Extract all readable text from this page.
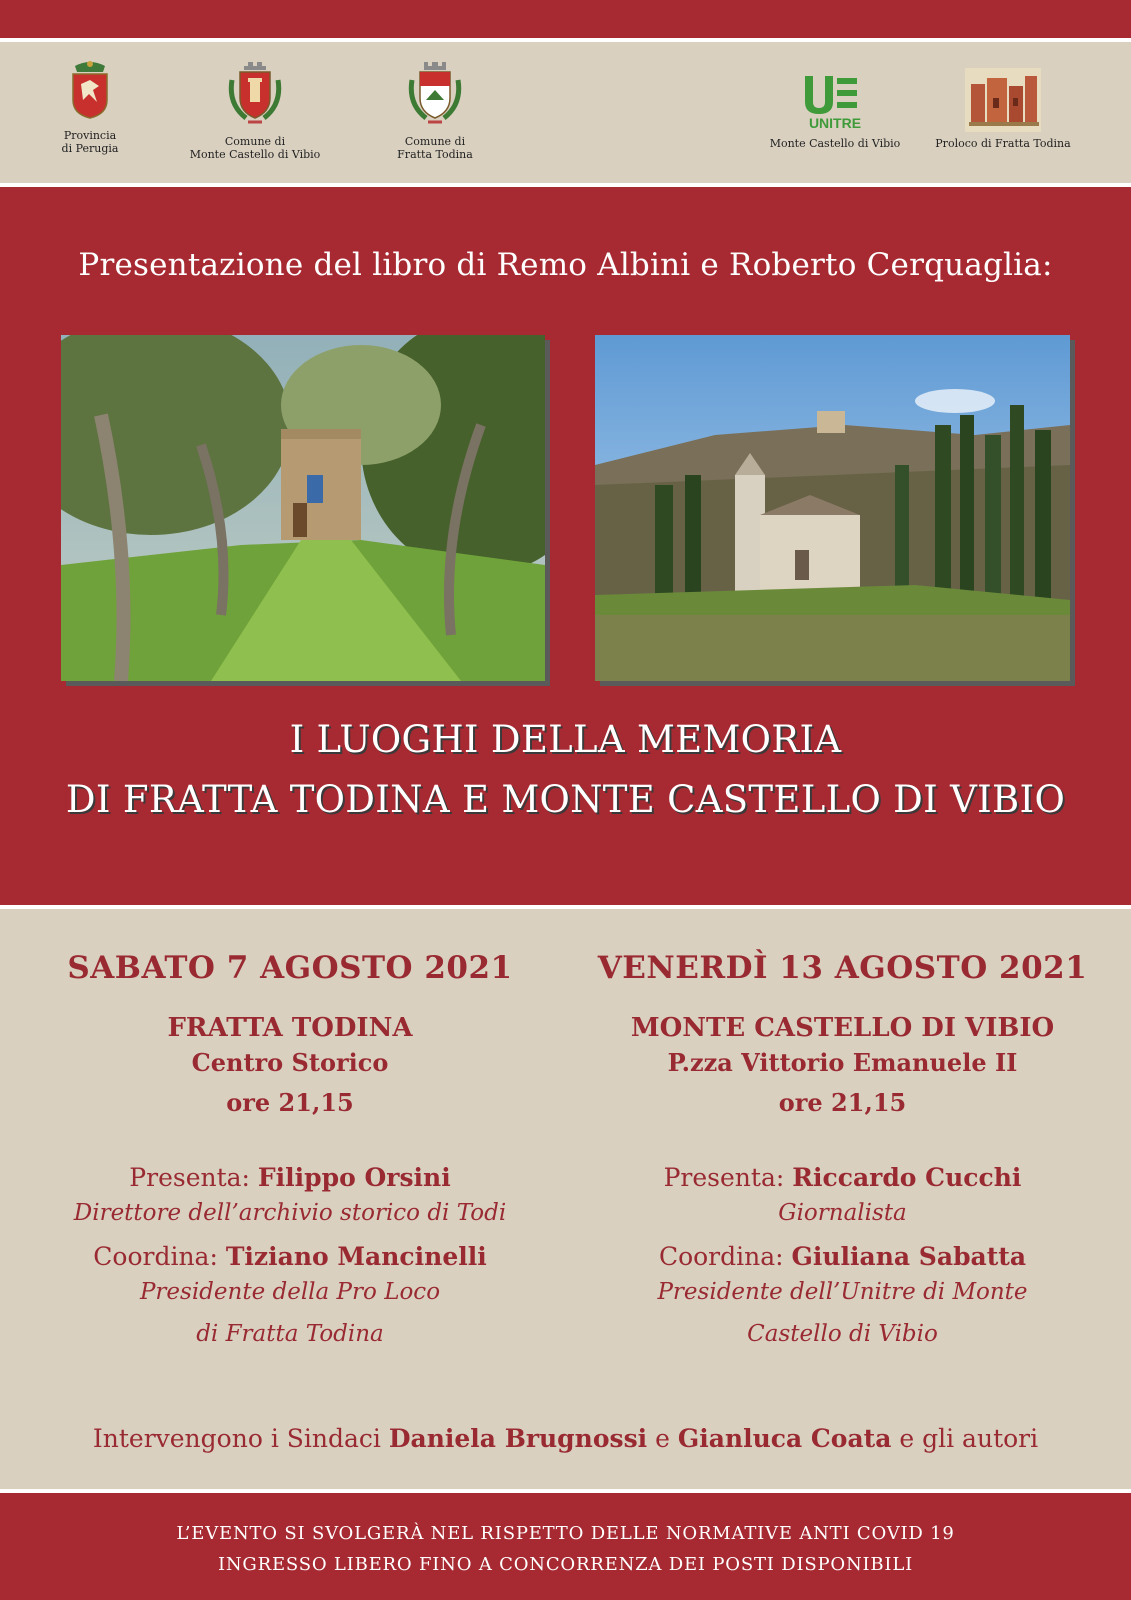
Provincia
di Perugia
Comune di
Monte Castello di Vibio
Comune di
Fratta Todina
UNITRE
Monte Castello di Vibio	Proloco di Fratta Todina
Presentazione del libro di Remo Albini e Roberto Cerquaglia:
I LUOGHI DELLA MEMORIA
DI FRATTA TODINA E MONTE CASTELLO DI VIBIO
SABATO 7 AGOSTO 2021
FRATTA TODINA
Centro Storico
ore 21,15
Presenta: Filippo Orsini
Direttore dell’archivio storico di Todi
Coordina: Tiziano Mancinelli
Presidente della Pro Loco
di Fratta Todina
VENERDÌ 13 AGOSTO 2021
MONTE CASTELLO DI VIBIO
P.zza Vittorio Emanuele II
ore 21,15
Presenta: Riccardo Cucchi
Giornalista
Coordina: Giuliana Sabatta
Presidente dell’Unitre di Monte
Castello di Vibio
Intervengono i Sindaci Daniela Brugnossi e Gianluca Coata e gli autori
L’EVENTO SI SVOLGERÀ NEL RISPETTO DELLE NORMATIVE ANTI COVID 19
INGRESSO LIBERO FINO A CONCORRENZA DEI POSTI DISPONIBILI
